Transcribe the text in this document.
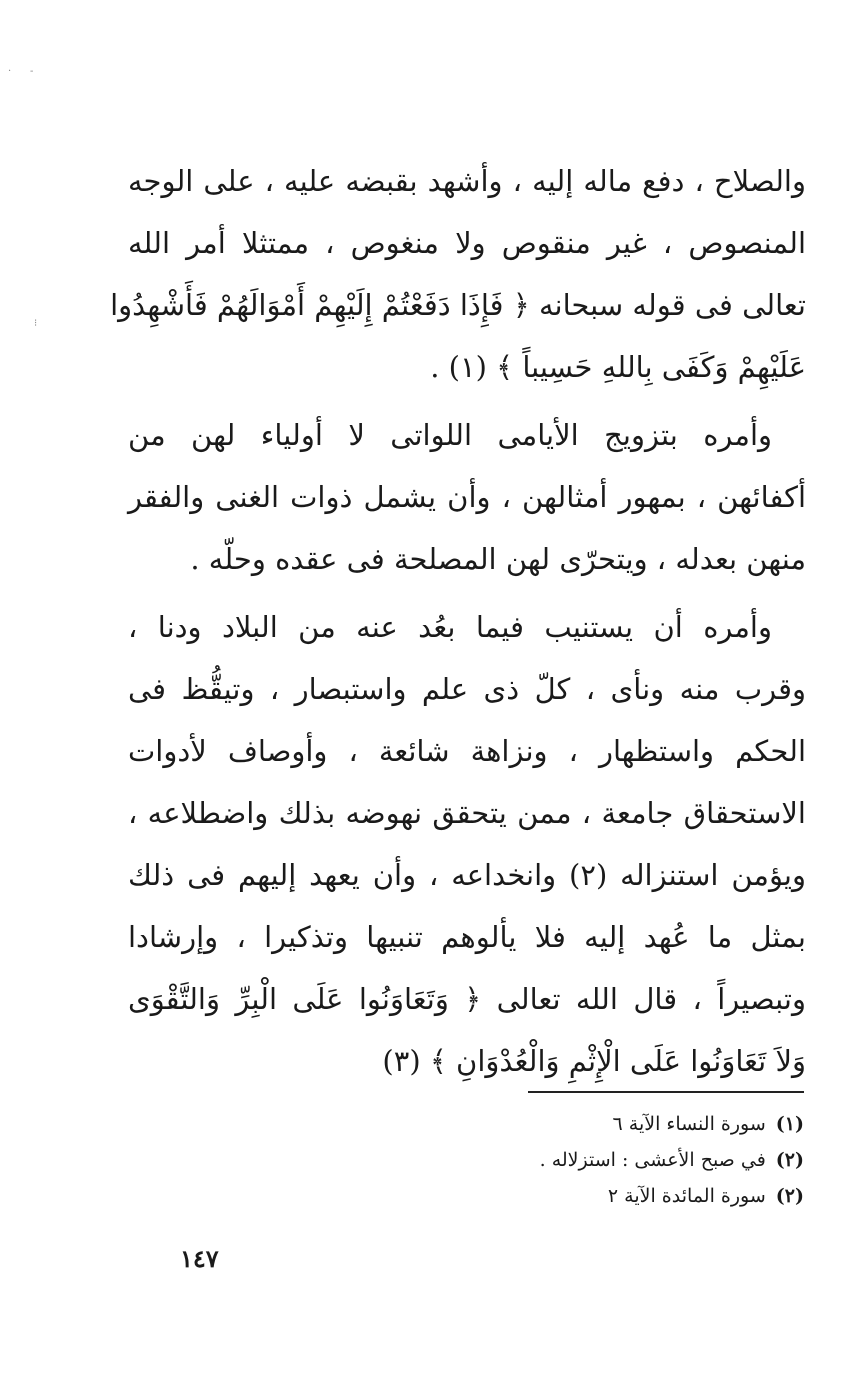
· -
⁝
والصلاح ، دفع ماله إليه ، وأشهد بقبضه عليه ، على الوجه
المنصوص ، غير منقوص ولا منغوص ، ممتثلا أمر الله
تعالى فى قوله سبحانه ﴿ فَإِذَا دَفَعْتُمْ إِلَيْهِمْ أَمْوَالَهُمْ فَأَشْهِدُوا
عَلَيْهِمْ وَكَفَى بِاللهِ حَسِيباً ﴾ (١) .
وأمره بتزويج الأيامى اللواتى لا أولياء لهن من
أكفائهن ، بمهور أمثالهن ، وأن يشمل ذوات الغنى والفقر
منهن بعدله ، ويتحرّى لهن المصلحة فى عقده وحلّه .
وأمره أن يستنيب فيما بعُد عنه من البلاد ودنا ،
وقرب منه ونأى ، كلّ ذى علم واستبصار ، وتيقُّظ فى
الحكم واستظهار ، ونزاهة شائعة ، وأوصاف لأدوات
الاستحقاق جامعة ، ممن يتحقق نهوضه بذلك واضطلاعه ،
ويؤمن استنزاله (٢) وانخداعه ، وأن يعهد إليهم فى ذلك
بمثل ما عُهد إليه فلا يألوهم تنبيها وتذكيرا ، وإرشادا
وتبصيراً ، قال الله تعالى ﴿ وَتَعَاوَنُوا عَلَى الْبِرِّ وَالتَّقْوَى
وَلاَ تَعَاوَنُوا عَلَى الْإِثْمِ وَالْعُدْوَانِ ﴾ (٣)
(١)سورة النساء الآية ٦
(٢)في صبح الأعشى : استزلاله .
(٢)سورة المائدة الآية ٢
١٤٧
